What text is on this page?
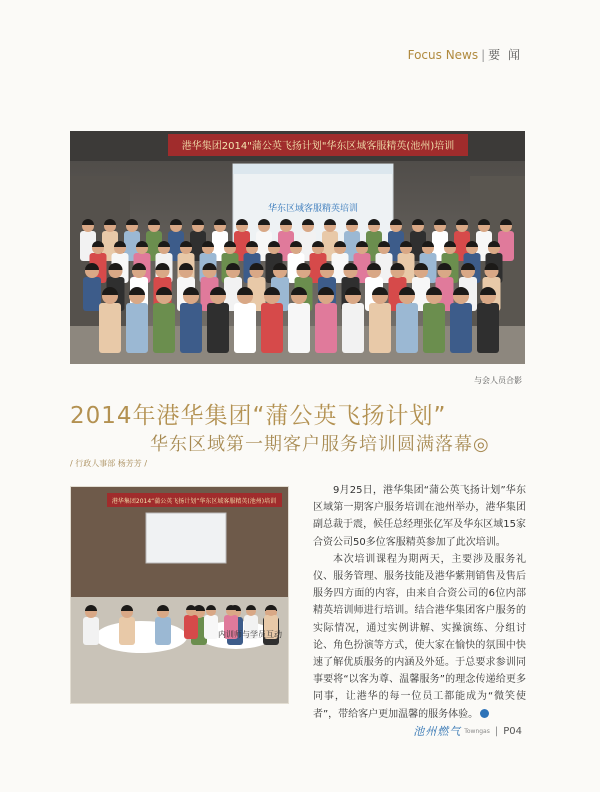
Focus News | 要 闻
港华集团2014"蒲公英飞扬计划"华东区域客服精英(池州)培训
华东区域客服精英培训
与会人员合影
2014年港华集团“蒲公英飞扬计划”
华东区域第一期客户服务培训圆满落幕◎
/ 行政人事部 杨芳芳 /
港华集团2014“蒲公英飞扬计划”华东区域客服精英(池州)培训
内训师与学员互动

9月25日，港华集团“蒲公英飞扬计划”华东区域第一期客户服务培训在池州举办，港华集团副总裁于震，候任总经理张亿军及华东区域15家合资公司50多位客服精英参加了此次培训。

本次培训课程为期两天，主要涉及服务礼仪、服务管理、服务技能及港华紫荆销售及售后服务四方面的内容，由来自合资公司的6位内部精英培训师进行培训。结合港华集团客户服务的实际情况，通过实例讲解、实操演练、分组讨论、角色扮演等方式，使大家在愉快的氛围中快速了解优质服务的内涵及外延。于总要求参训同事要将“以客为尊、温馨服务”的理念传递给更多同事，让港华的每一位员工都能成为“微笑使者”，带给客户更加温馨的服务体验。

池州燃气 Towngas | P04
